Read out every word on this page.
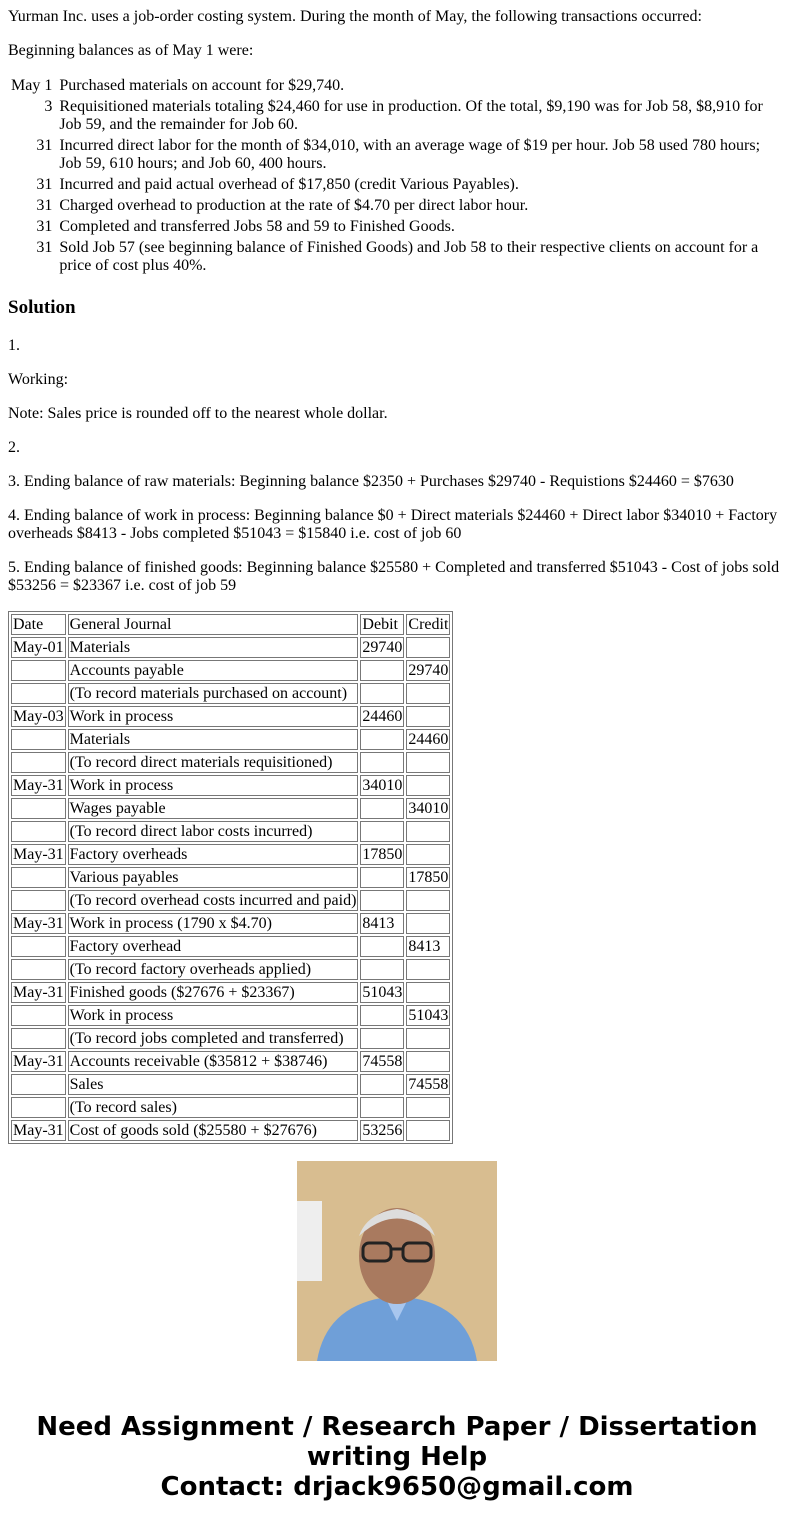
Yurman Inc. uses a job-order costing system. During the month of May, the following transactions occurred:

Beginning balances as of May 1 were:

May 1	Purchased materials on account for $29,740.
3	Requisitioned materials totaling $24,460 for use in production. Of the total, $9,190 was for Job 58, $8,910 for Job 59, and the remainder for Job 60.
31	Incurred direct labor for the month of $34,010, with an average wage of $19 per hour. Job 58 used 780 hours; Job 59, 610 hours; and Job 60, 400 hours.
31	Incurred and paid actual overhead of $17,850 (credit Various Payables).
31	Charged overhead to production at the rate of $4.70 per direct labor hour.
31	Completed and transferred Jobs 58 and 59 to Finished Goods.
31	Sold Job 57 (see beginning balance of Finished Goods) and Job 58 to their respective clients on account for a price of cost plus 40%.
Solution

1.

Working:

Note: Sales price is rounded off to the nearest whole dollar.

2.

3. Ending balance of raw materials: Beginning balance $2350 + Purchases $29740 - Requistions $24460 = $7630

4. Ending balance of work in process: Beginning balance $0 + Direct materials $24460 + Direct labor $34010 + Factory overheads $8413 - Jobs completed $51043 = $15840 i.e. cost of job 60

5. Ending balance of finished goods: Beginning balance $25580 + Completed and transferred $51043 - Cost of jobs sold $53256 = $23367 i.e. cost of job 59

Date	General Journal	Debit	Credit
May-01	Materials	29740	
	Accounts payable		29740
	(To record materials purchased on account)		
May-03	Work in process	24460	
	Materials		24460
	(To record direct materials requisitioned)		
May-31	Work in process	34010	
	Wages payable		34010
	(To record direct labor costs incurred)		
May-31	Factory overheads	17850	
	Various payables		17850
	(To record overhead costs incurred and paid)		
May-31	Work in process (1790 x $4.70)	8413	
	Factory overhead		8413
	(To record factory overheads applied)		
May-31	Finished goods ($27676 + $23367)	51043	
	Work in process		51043
	(To record jobs completed and transferred)		
May-31	Accounts receivable ($35812 + $38746)	74558	
	Sales		74558
	(To record sales)		
May-31	Cost of goods sold ($25580 + $27676)	53256	
Need Assignment / Research Paper / Dissertation writing Help
Contact: drjack9650@gmail.com
